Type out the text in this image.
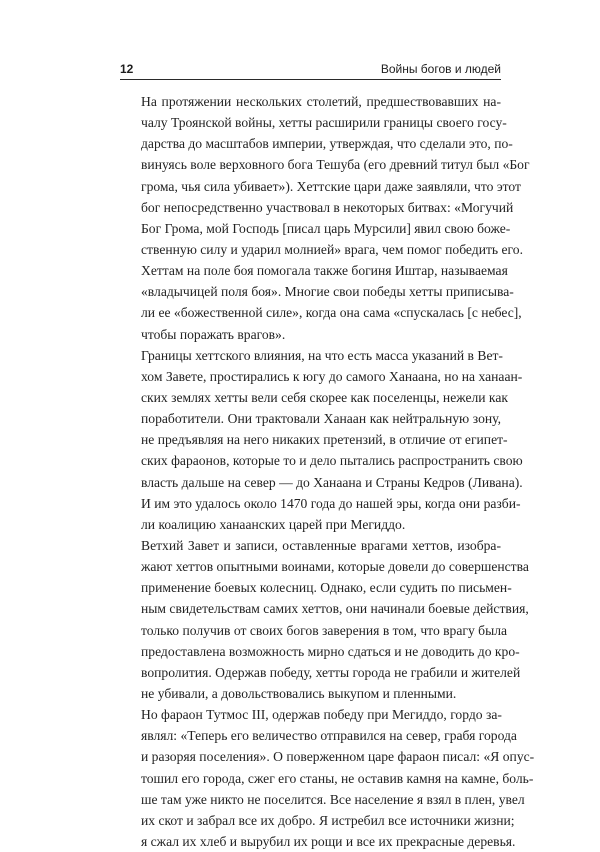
12	Войны богов и людей
На протяжении нескольких столетий, предшествовавших на-
чалу Троянской войны, хетты расширили границы своего госу-
дарства до масштабов империи, утверждая, что сделали это, по-
винуясь воле верховного бога Тешуба (его древний титул был «Бог
грома, чья сила убивает»). Хеттские цари даже заявляли, что этот
бог непосредственно участвовал в некоторых битвах: «Могучий
Бог Грома, мой Господь [писал царь Мурсили] явил свою боже-
ственную силу и ударил молнией» врага, чем помог победить его.
Хеттам на поле боя помогала также богиня Иштар, называемая
«владычицей поля боя». Многие свои победы хетты приписыва-
ли ее «божественной силе», когда она сама «спускалась [с небес],
чтобы поражать врагов».
Границы хеттского влияния, на что есть масса указаний в Вет-
хом Завете, простирались к югу до самого Ханаана, но на ханаан-
ских землях хетты вели себя скорее как поселенцы, нежели как
поработители. Они трактовали Ханаан как нейтральную зону,
не предъявляя на него никаких претензий, в отличие от египет-
ских фараонов, которые то и дело пытались распространить свою
власть дальше на север — до Ханаана и Страны Кедров (Ливана).
И им это удалось около 1470 года до нашей эры, когда они разби-
ли коалицию ханаанских царей при Мегиддо.
Ветхий Завет и записи, оставленные врагами хеттов, изобра-
жают хеттов опытными воинами, которые довели до совершенства
применение боевых колесниц. Однако, если судить по письмен-
ным свидетельствам самих хеттов, они начинали боевые действия,
только получив от своих богов заверения в том, что врагу была
предоставлена возможность мирно сдаться и не доводить до кро-
вопролития. Одержав победу, хетты города не грабили и жителей
не убивали, а довольствовались выкупом и пленными.
Но фараон Тутмос III, одержав победу при Мегиддо, гордо за-
являл: «Теперь его величество отправился на север, грабя города
и разоряя поселения». О поверженном царе фараон писал: «Я опус-
тошил его города, сжег его станы, не оставив камня на камне, боль-
ше там уже никто не поселится. Все население я взял в плен, увел
их скот и забрал все их добро. Я истребил все источники жизни;
я сжал их хлеб и вырубил их рощи и все их прекрасные деревья.
